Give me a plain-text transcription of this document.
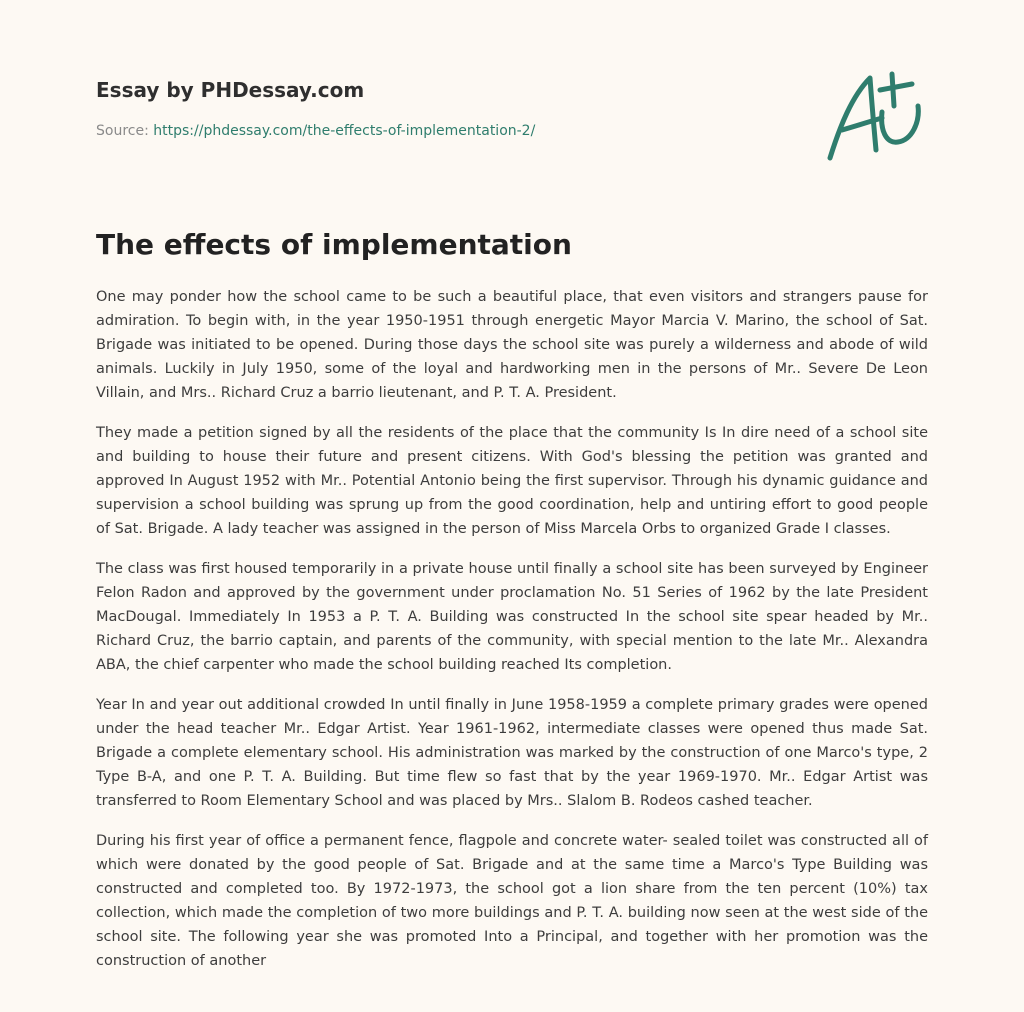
Essay by PHDessay.com
Source: https://phdessay.com/the-effects-of-implementation-2/
The effects of implementation

One may ponder how the school came to be such a beautiful place, that even visitors and strangers pause for admiration. To begin with, in the year 1950-1951 through energetic Mayor Marcia V. Marino, the school of Sat. Brigade was initiated to be opened. During those days the school site was purely a wilderness and abode of wild animals. Luckily in July 1950, some of the loyal and hardworking men in the persons of Mr.. Severe De Leon Villain, and Mrs.. Richard Cruz a barrio lieutenant, and P. T. A. President.

They made a petition signed by all the residents of the place that the community Is In dire need of a school site and building to house their future and present citizens. With God's blessing the petition was granted and approved In August 1952 with Mr.. Potential Antonio being the first supervisor. Through his dynamic guidance and supervision a school building was sprung up from the good coordination, help and untiring effort to good people of Sat. Brigade. A lady teacher was assigned in the person of Miss Marcela Orbs to organized Grade I classes.

The class was first housed temporarily in a private house until finally a school site has been surveyed by Engineer Felon Radon and approved by the government under proclamation No. 51 Series of 1962 by the late President MacDougal. Immediately In 1953 a P. T. A. Building was constructed In the school site spear headed by Mr.. Richard Cruz, the barrio captain, and parents of the community, with special mention to the late Mr.. Alexandra ABA, the chief carpenter who made the school building reached Its completion.

Year In and year out additional crowded In until finally in June 1958-1959 a complete primary grades were opened under the head teacher Mr.. Edgar Artist. Year 1961-1962, intermediate classes were opened thus made Sat. Brigade a complete elementary school. His administration was marked by the construction of one Marco's type, 2 Type B-A, and one P. T. A. Building. But time flew so fast that by the year 1969-1970. Mr.. Edgar Artist was transferred to Room Elementary School and was placed by Mrs.. Slalom B. Rodeos cashed teacher.

During his first year of office a permanent fence, flagpole and concrete water- sealed toilet was constructed all of which were donated by the good people of Sat. Brigade and at the same time a Marco's Type Building was constructed and completed too. By 1972-1973, the school got a lion share from the ten percent (10%) tax collection, which made the completion of two more buildings and P. T. A. building now seen at the west side of the school site. The following year she was promoted Into a Principal, and together with her promotion was the construction of another
